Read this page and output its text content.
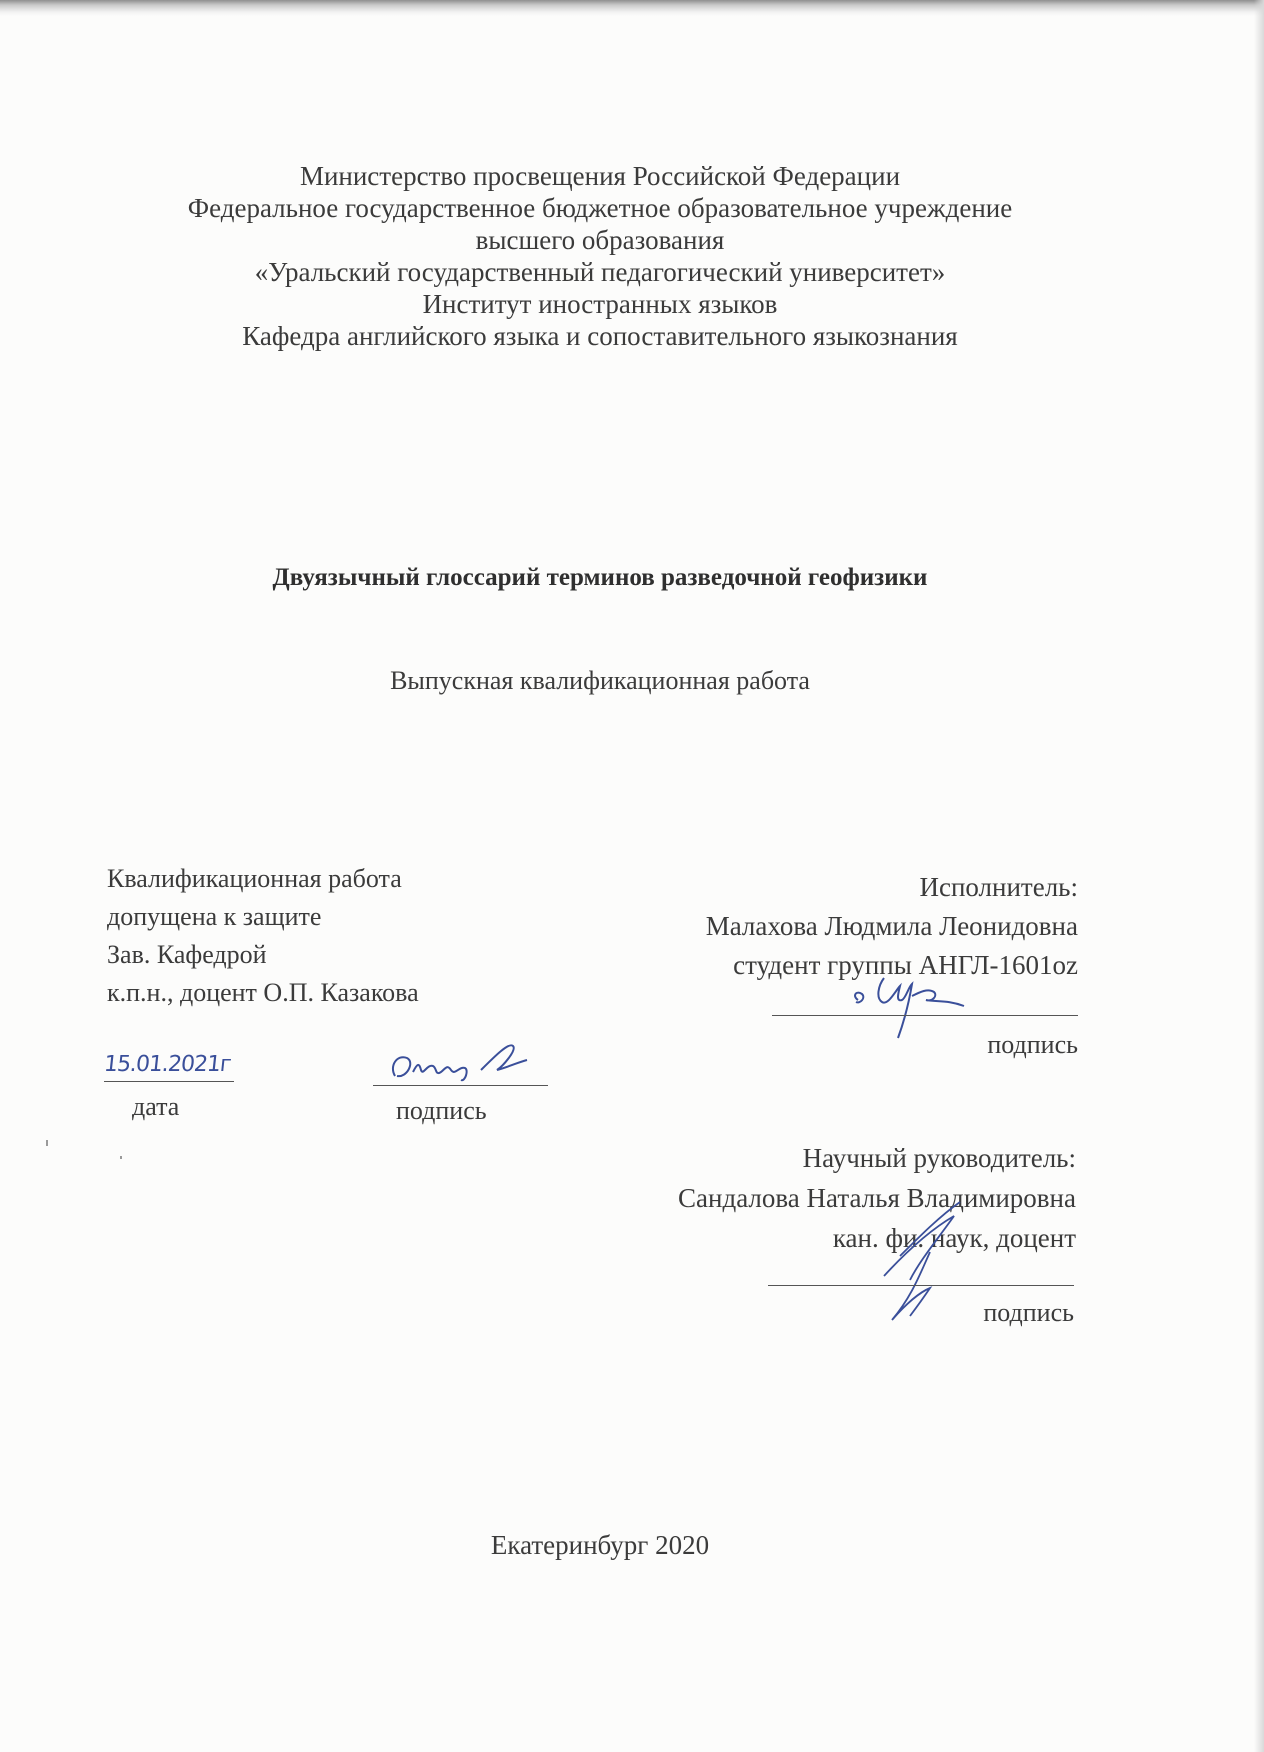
Министерство просвещения Российской Федерации
Федеральное государственное бюджетное образовательное учреждение
высшего образования
«Уральский государственный педагогический университет»
Институт иностранных языков
Кафедра английского языка и сопоставительного языкознания
Двуязычный глоссарий терминов разведочной геофизики
Выпускная квалификационная работа
Квалификационная работа
допущена к защите
Зав. Кафедрой
к.п.н., доцент О.П. Казакова
15.01.2021г
дата	подпись
Исполнитель:
Малахова Людмила Леонидовна
студент группы АНГЛ-1601oz
подпись
Научный руководитель:
Сандалова Наталья Владимировна
кан. фи. наук, доцент
подпись
Екатеринбург 2020
